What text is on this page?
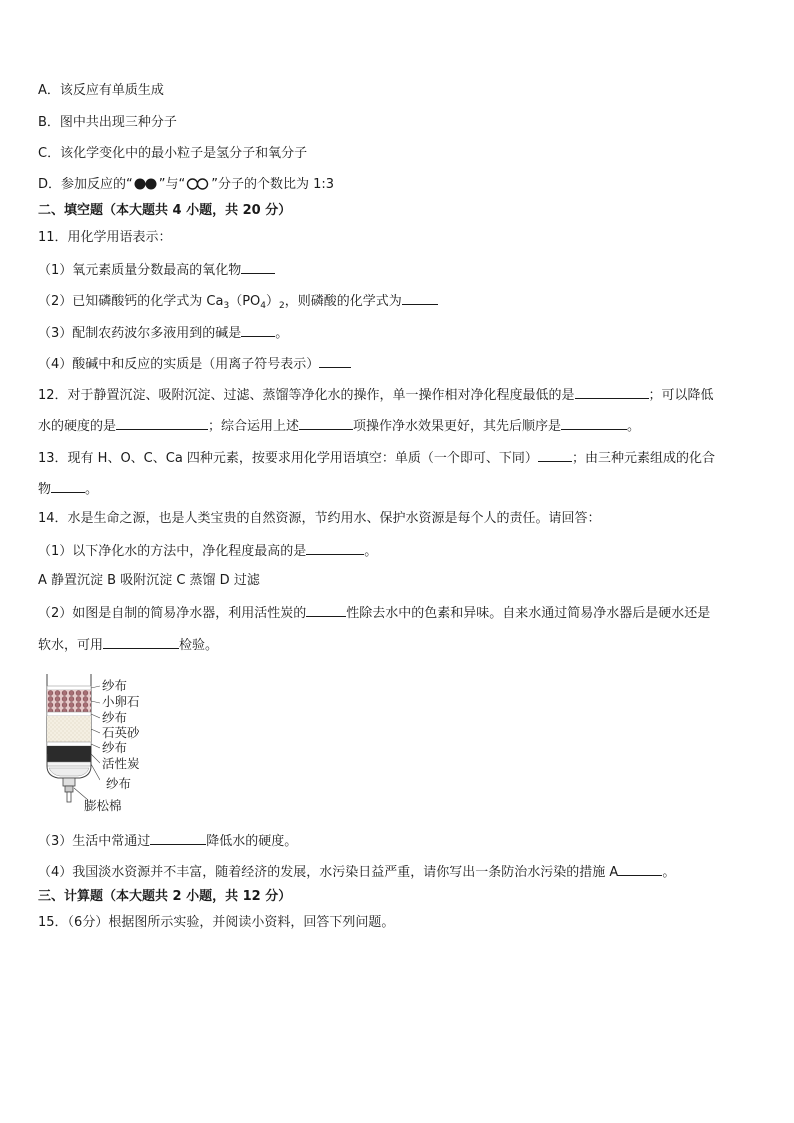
A．该反应有单质生成
B．图中共出现三种分子
C．该化学变化中的最小粒子是氢分子和氧分子
D．参加反应的“ ”与“ ”分子的个数比为 1:3
二、填空题（本大题共 4 小题，共 20 分）
11．用化学用语表示：
（1）氧元素质量分数最高的氧化物
（2）已知磷酸钙的化学式为 $Ca_3(PO_4)_2$，则磷酸的化学式为
（3）配制农药波尔多液用到的碱是	。
（4）酸碱中和反应的实质是（用离子符号表示）
12．对于静置沉淀、吸附沉淀、过滤、蒸馏等净化水的操作，单一操作相对净化程度最低的是	；可以降低
水的硬度的是	；综合运用上述	项操作净水效果更好，其先后顺序是	。
13．现有 H、O、C、Ca 四种元素，按要求用化学用语填空：单质（一个即可、下同）	；由三种元素组成的化合
物	。
14．水是生命之源，也是人类宝贵的自然资源，节约用水、保护水资源是每个人的责任。请回答：
（1）以下净化水的方法中，净化程度最高的是	。
A 静置沉淀 B 吸附沉淀 C 蒸馏 D 过滤
（2）如图是自制的简易净水器，利用活性炭的	性除去水中的色素和异味。自来水通过简易净水器后是硬水还是
软水，可用	检验。
纱布
小卵石
纱布
石英砂
纱布
活性炭
纱布
膨松棉
（3）生活中常通过	降低水的硬度。
（4）我国淡水资源并不丰富，随着经济的发展，水污染日益严重，请你写出一条防治水污染的措施 A	。
三、计算题（本大题共 2 小题，共 12 分）
15．（6分）根据图所示实验，并阅读小资料，回答下列问题。
